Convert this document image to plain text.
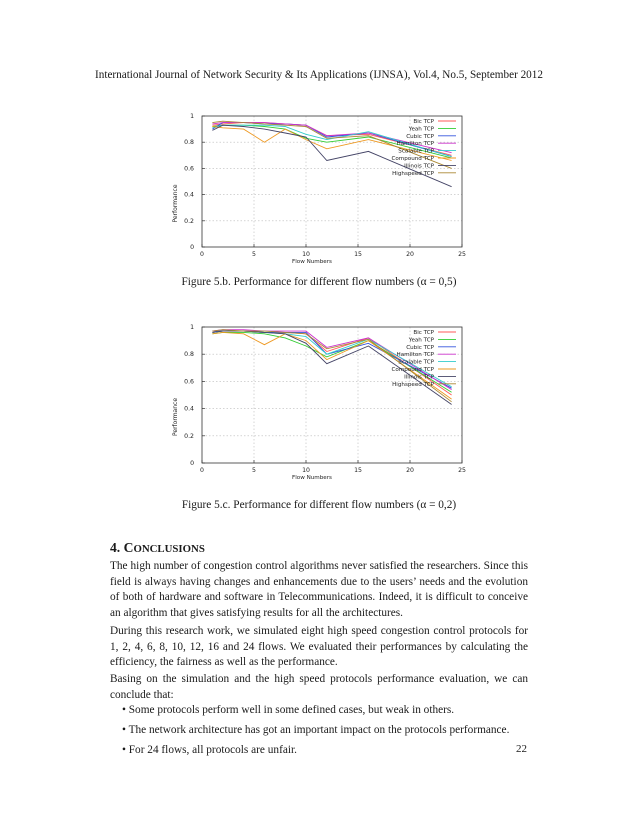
International Journal of Network Security & Its Applications (IJNSA), Vol.4, No.5, September 2012
0	5	10	15	20	25
0
0.2
0.4
0.6
0.8
1
Flow Numbers
Performance
Bic TCP
Yeah TCP
Cubic TCP
Hamilton TCP
Scalable TCP
Compound TCP
Illinois TCP
Highspeed TCP
Figure 5.b. Performance for different flow numbers (α = 0,5)
0	5	10	15	20	25
0
0.2
0.4
0.6
0.8
1
Flow Numbers
Performance
Bic TCP
Yeah TCP
Cubic TCP
Hamilton TCP
Scalable TCP
Compound TCP
Illinois TCP
Highspeed TCP
Figure 5.c. Performance for different flow numbers (α = 0,2)
4. CONCLUSIONS

The high number of congestion control algorithms never satisfied the researchers. Since this field is always having changes and enhancements due to the users’ needs and the evolution of both of hardware and software in Telecommunications. Indeed, it is difficult to conceive an algorithm that gives satisfying results for all the architectures.

During this research work, we simulated eight high speed congestion control protocols for 1, 2, 4, 6, 8, 10, 12, 16 and 24 flows. We evaluated their performances by calculating the efficiency, the fairness as well as the performance.

Basing on the simulation and the high speed protocols performance evaluation, we can conclude that:

• Some protocols perform well in some defined cases, but weak in others.
• The network architecture has got an important impact on the protocols performance.
• For 24 flows, all protocols are unfair.	22
